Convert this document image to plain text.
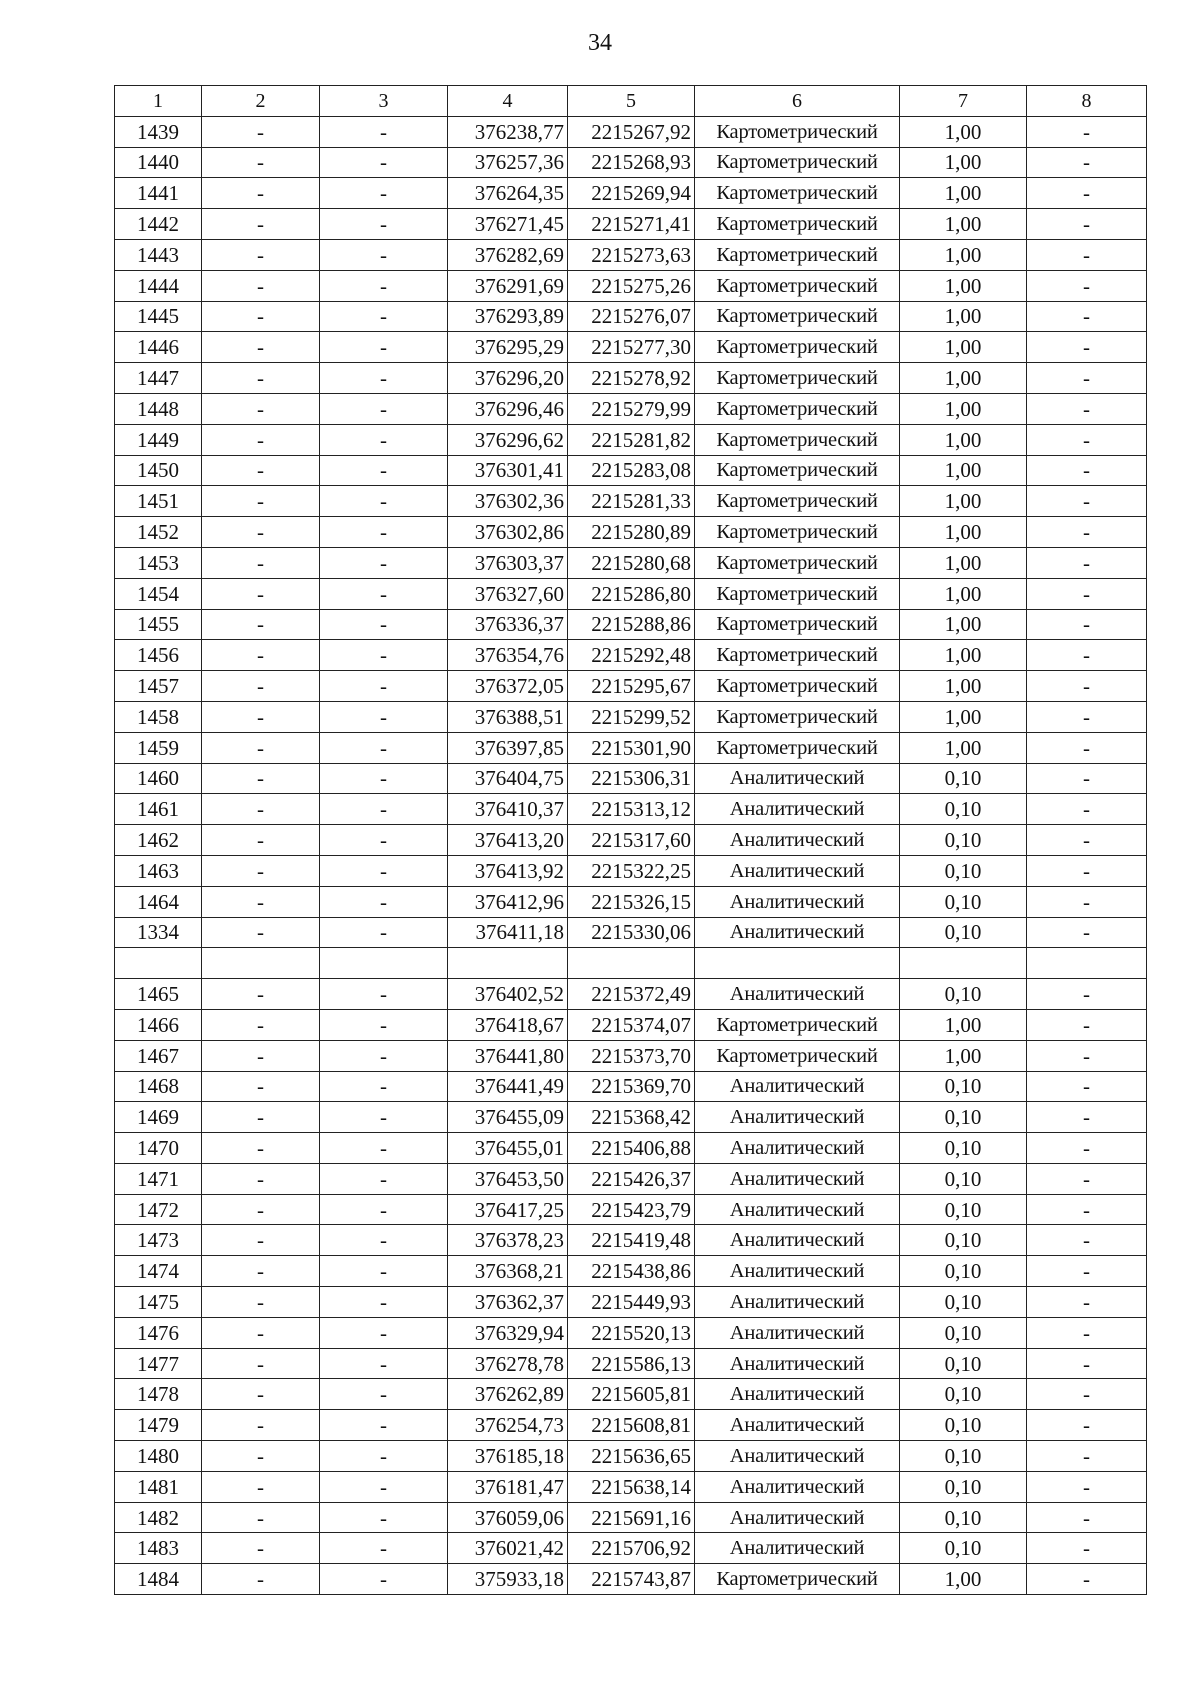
34
1	2	3	4	5	6	7	8
1439	-	-	376238,77	2215267,92	Картометрический	1,00	-
1440	-	-	376257,36	2215268,93	Картометрический	1,00	-
1441	-	-	376264,35	2215269,94	Картометрический	1,00	-
1442	-	-	376271,45	2215271,41	Картометрический	1,00	-
1443	-	-	376282,69	2215273,63	Картометрический	1,00	-
1444	-	-	376291,69	2215275,26	Картометрический	1,00	-
1445	-	-	376293,89	2215276,07	Картометрический	1,00	-
1446	-	-	376295,29	2215277,30	Картометрический	1,00	-
1447	-	-	376296,20	2215278,92	Картометрический	1,00	-
1448	-	-	376296,46	2215279,99	Картометрический	1,00	-
1449	-	-	376296,62	2215281,82	Картометрический	1,00	-
1450	-	-	376301,41	2215283,08	Картометрический	1,00	-
1451	-	-	376302,36	2215281,33	Картометрический	1,00	-
1452	-	-	376302,86	2215280,89	Картометрический	1,00	-
1453	-	-	376303,37	2215280,68	Картометрический	1,00	-
1454	-	-	376327,60	2215286,80	Картометрический	1,00	-
1455	-	-	376336,37	2215288,86	Картометрический	1,00	-
1456	-	-	376354,76	2215292,48	Картометрический	1,00	-
1457	-	-	376372,05	2215295,67	Картометрический	1,00	-
1458	-	-	376388,51	2215299,52	Картометрический	1,00	-
1459	-	-	376397,85	2215301,90	Картометрический	1,00	-
1460	-	-	376404,75	2215306,31	Аналитический	0,10	-
1461	-	-	376410,37	2215313,12	Аналитический	0,10	-
1462	-	-	376413,20	2215317,60	Аналитический	0,10	-
1463	-	-	376413,92	2215322,25	Аналитический	0,10	-
1464	-	-	376412,96	2215326,15	Аналитический	0,10	-
1334	-	-	376411,18	2215330,06	Аналитический	0,10	-

1465	-	-	376402,52	2215372,49	Аналитический	0,10	-
1466	-	-	376418,67	2215374,07	Картометрический	1,00	-
1467	-	-	376441,80	2215373,70	Картометрический	1,00	-
1468	-	-	376441,49	2215369,70	Аналитический	0,10	-
1469	-	-	376455,09	2215368,42	Аналитический	0,10	-
1470	-	-	376455,01	2215406,88	Аналитический	0,10	-
1471	-	-	376453,50	2215426,37	Аналитический	0,10	-
1472	-	-	376417,25	2215423,79	Аналитический	0,10	-
1473	-	-	376378,23	2215419,48	Аналитический	0,10	-
1474	-	-	376368,21	2215438,86	Аналитический	0,10	-
1475	-	-	376362,37	2215449,93	Аналитический	0,10	-
1476	-	-	376329,94	2215520,13	Аналитический	0,10	-
1477	-	-	376278,78	2215586,13	Аналитический	0,10	-
1478	-	-	376262,89	2215605,81	Аналитический	0,10	-
1479	-	-	376254,73	2215608,81	Аналитический	0,10	-
1480	-	-	376185,18	2215636,65	Аналитический	0,10	-
1481	-	-	376181,47	2215638,14	Аналитический	0,10	-
1482	-	-	376059,06	2215691,16	Аналитический	0,10	-
1483	-	-	376021,42	2215706,92	Аналитический	0,10	-
1484	-	-	375933,18	2215743,87	Картометрический	1,00	-
